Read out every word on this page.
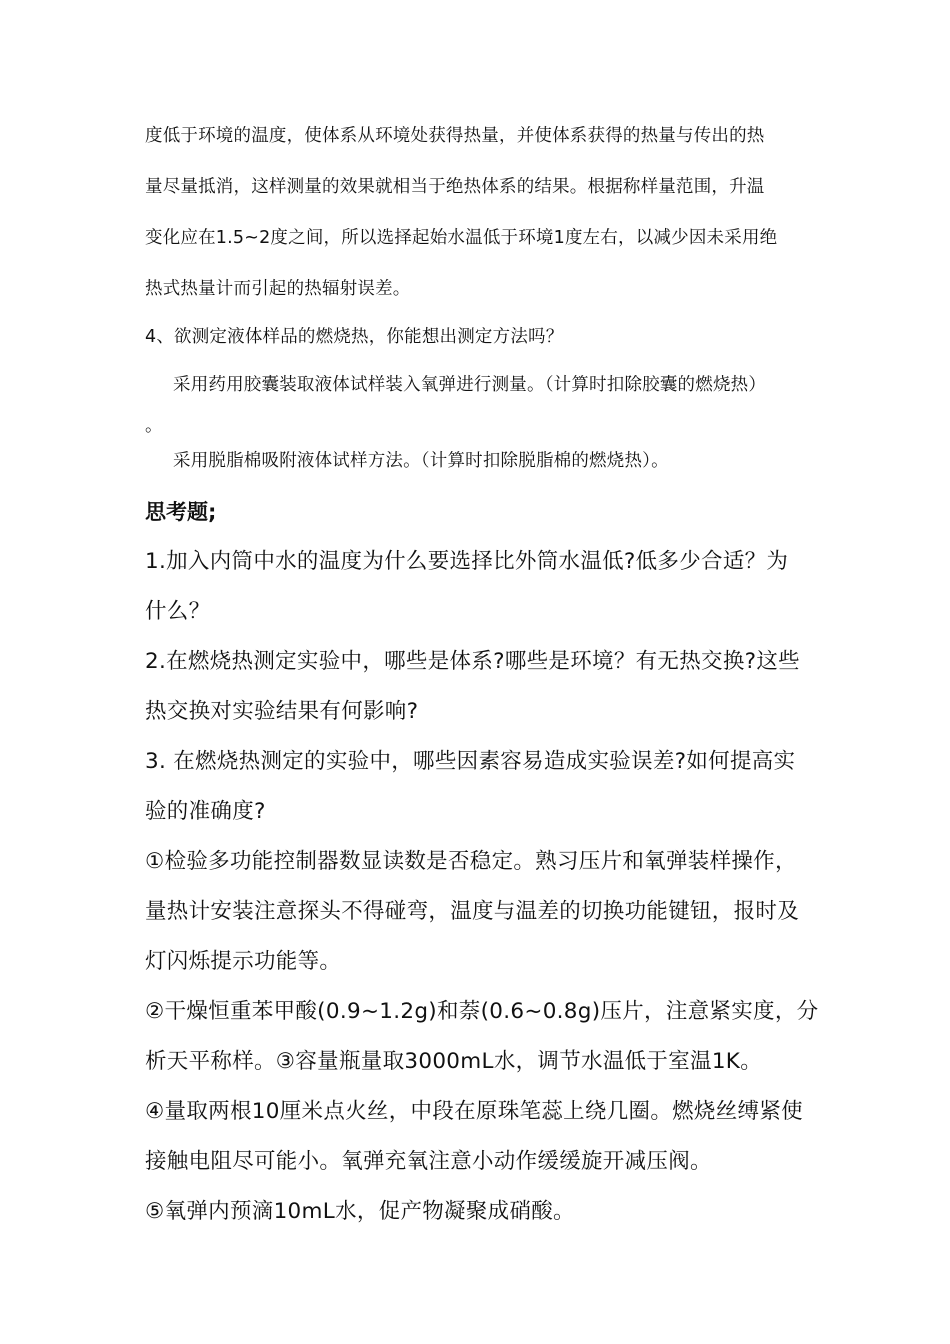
度低于环境的温度，使体系从环境处获得热量，并使体系获得的热量与传出的热
量尽量抵消，这样测量的效果就相当于绝热体系的结果。根据称样量范围，升温
变化应在1.5~2度之间，所以选择起始水温低于环境1度左右，以减少因未采用绝
热式热量计而引起的热辐射误差。
4、欲测定液体样品的燃烧热，你能想出测定方法吗？
采用药用胶囊装取液体试样装入氧弹进行测量。（计算时扣除胶囊的燃烧热）
。
采用脱脂棉吸附液体试样方法。（计算时扣除脱脂棉的燃烧热）。
思考题;
1.加入内筒中水的温度为什么要选择比外筒水温低?低多少合适？为
什么？
2.在燃烧热测定实验中，哪些是体系?哪些是环境？有无热交换?这些
热交换对实验结果有何影响?
3. 在燃烧热测定的实验中，哪些因素容易造成实验误差?如何提高实
验的准确度?
①检验多功能控制器数显读数是否稳定。熟习压片和氧弹装样操作，
量热计安装注意探头不得碰弯，温度与温差的切换功能键钮，报时及
灯闪烁提示功能等。
②干燥恒重苯甲酸(0.9~1.2g)和萘(0.6~0.8g)压片，注意紧实度，分
析天平称样。③容量瓶量取3000mL水，调节水温低于室温1K。
④量取两根10厘米点火丝，中段在原珠笔蕊上绕几圈。燃烧丝缚紧使
接触电阻尽可能小。氧弹充氧注意小动作缓缓旋开减压阀。
⑤氧弹内预滴10mL水，促产物凝聚成硝酸。
